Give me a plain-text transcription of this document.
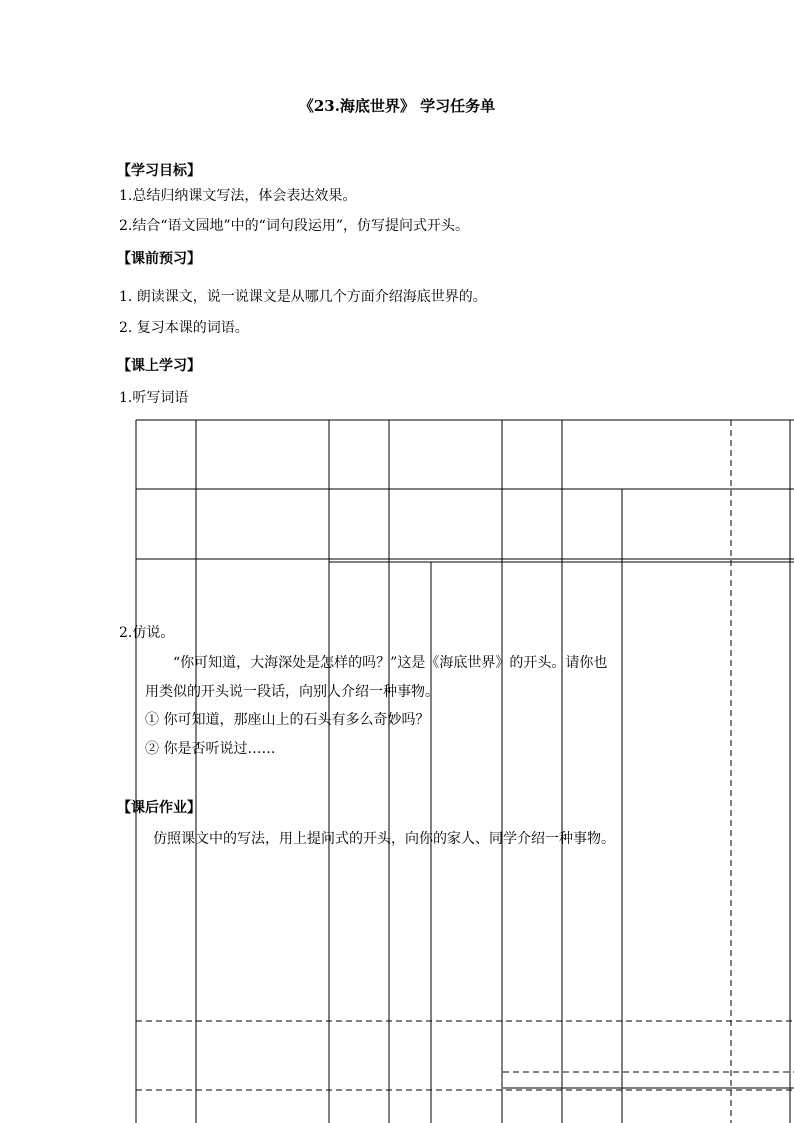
《23.海底世界》 学习任务单
【学习目标】
1.总结归纳课文写法，体会表达效果。
2.结合“语文园地”中的“词句段运用”，仿写提问式开头。
【课前预习】
1. 朗读课文，说一说课文是从哪几个方面介绍海底世界的。
2. 复习本课的词语。
【课上学习】
1.听写词语
2.仿说。
“你可知道，大海深处是怎样的吗？”这是《海底世界》的开头。请你也
用类似的开头说一段话，向别人介绍一种事物。
① 你可知道，那座山上的石头有多么奇妙吗？
② 你是否听说过……
【课后作业】
仿照课文中的写法，用上提问式的开头，向你的家人、同学介绍一种事物。
